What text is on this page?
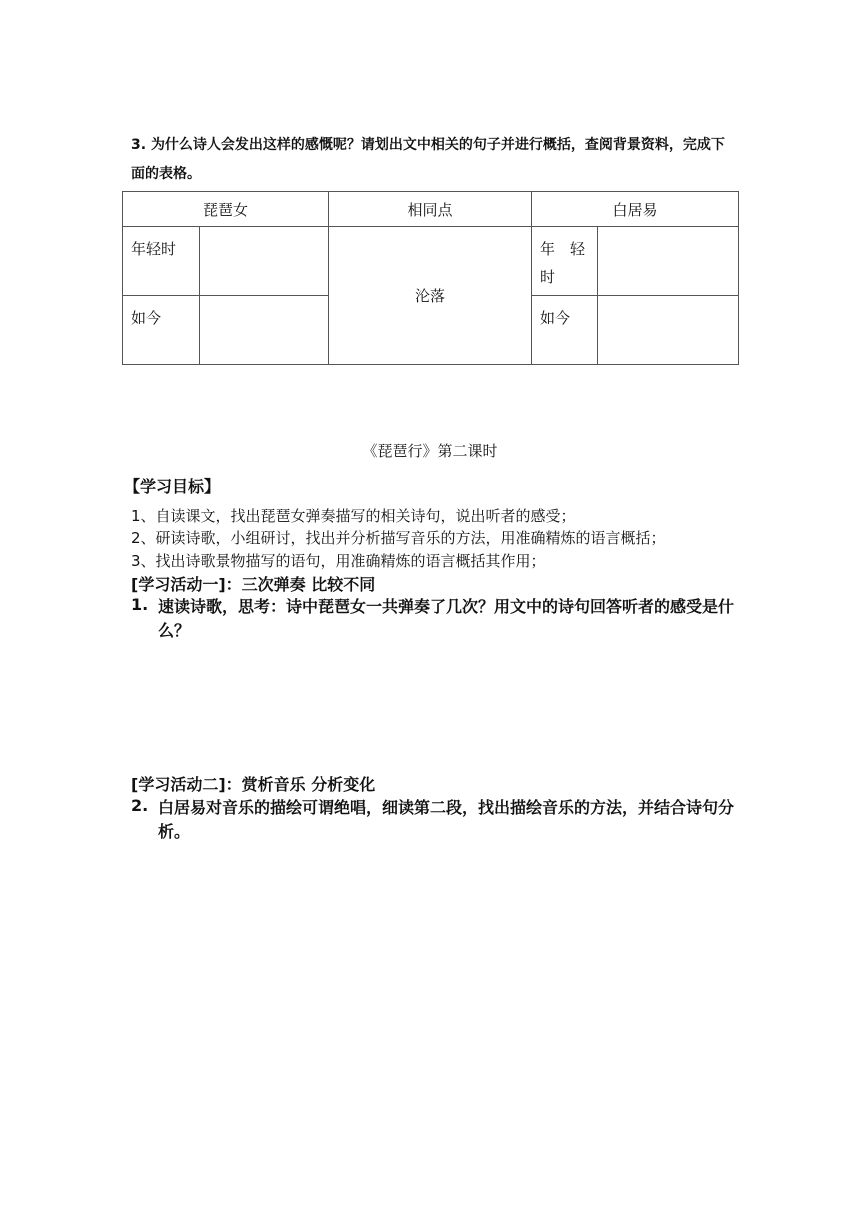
3. 为什么诗人会发出这样的感慨呢？请划出文中相关的句子并进行概括，查阅背景资料，完成下面的表格。
琵琶女		相同点	白居易	
年轻时		沦落	年　轻时	
如今			如今	
《琵琶行》第二课时
【学习目标】
1、自读课文，找出琵琶女弹奏描写的相关诗句，说出听者的感受；
2、研读诗歌，小组研讨，找出并分析描写音乐的方法，用准确精炼的语言概括；
3、找出诗歌景物描写的语句，用准确精炼的语言概括其作用；
[学习活动一]：三次弹奏 比较不同
1. 速读诗歌，思考：诗中琵琶女一共弹奏了几次？用文中的诗句回答听者的感受是什么？
[学习活动二]：赏析音乐 分析变化
2. 白居易对音乐的描绘可谓绝唱，细读第二段，找出描绘音乐的方法，并结合诗句分析。
